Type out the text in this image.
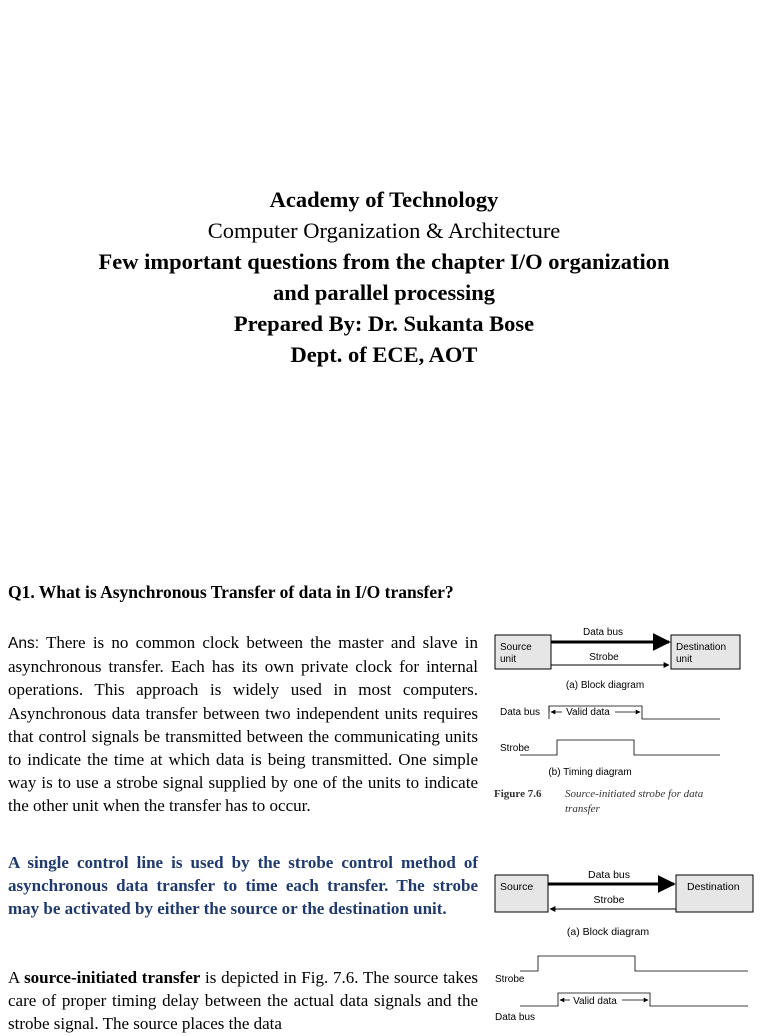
Academy of Technology
Computer Organization & Architecture
Few important questions from the chapter I/O organization
and parallel processing
Prepared By: Dr. Sukanta Bose
Dept. of ECE, AOT
Q1. What is Asynchronous Transfer of data in I/O transfer?
Ans: There is no common clock between the master and slave in asynchronous transfer. Each has its own private clock for internal operations. This approach is widely used in most computers. Asynchronous data transfer between two independent units requires that control signals be transmitted between the communicating units to indicate the time at which data is being transmitted. One simple way is to use a strobe signal supplied by one of the units to indicate the other unit when the transfer has to occur.
A single control line is used by the strobe control method of asynchronous data transfer to time each transfer. The strobe may be activated by either the source or the destination unit.
A source-initiated transfer is depicted in Fig. 7.6. The source takes care of proper timing delay between the actual data signals and the strobe signal. The source places the data
Source
unit
Destination
unit
Data bus
Strobe
(a) Block diagram
Data bus	Valid data
Strobe
(b) Timing diagram
Figure 7.6 Source-initiated strobe for data
transfer
Source	Destination
Data bus
Strobe
(a) Block diagram
Strobe
Valid data
Data bus
